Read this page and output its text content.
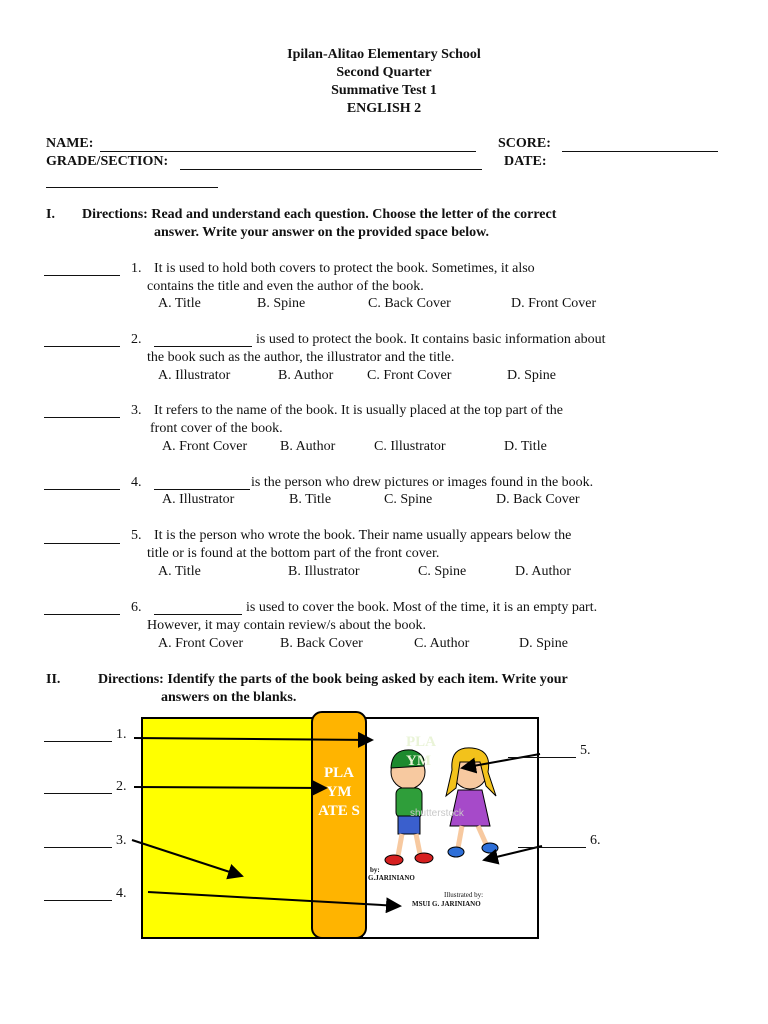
Ipilan-Alitao Elementary School
Second Quarter
Summative Test 1
ENGLISH 2
NAME:	SCORE:
GRADE/SECTION:	DATE:
I. Directions: Read and understand each question. Choose the letter of the correct
answer. Write your answer on the provided space below.
1. It is used to hold both covers to protect the book. Sometimes, it also
contains the title and even the author of the book.
A. Title	B. Spine	C. Back Cover	D. Front Cover
2.	is used to protect the book. It contains basic information about
the book such as the author, the illustrator and the title.
A. Illustrator	B. Author C. Front Cover	D. Spine
3. It refers to the name of the book. It is usually placed at the top part of the
front cover of the book.
A. Front Cover B. Author	C. Illustrator	D. Title
4.	is the person who drew pictures or images found in the book.
A. Illustrator	B. Title	C. Spine	D. Back Cover
5. It is the person who wrote the book. Their name usually appears below the
title or is found at the bottom part of the front cover.
A. Title	B. Illustrator	C. Spine	D. Author
6.	is used to cover the book. Most of the time, it is an empty part.
However, it may contain review/s about the book.
A. Front Cover	B. Back Cover	C. Author	D. Spine
II.	Directions: Identify the parts of the book being asked by each item. Write your
answers on the blanks.
PLA YM ATE S
PLA YM
shutterstock
by:
G.JARINIANO
Illustrated by:
MSUI G. JARINIANO
1.
2.
3.
4.
5.
6.
